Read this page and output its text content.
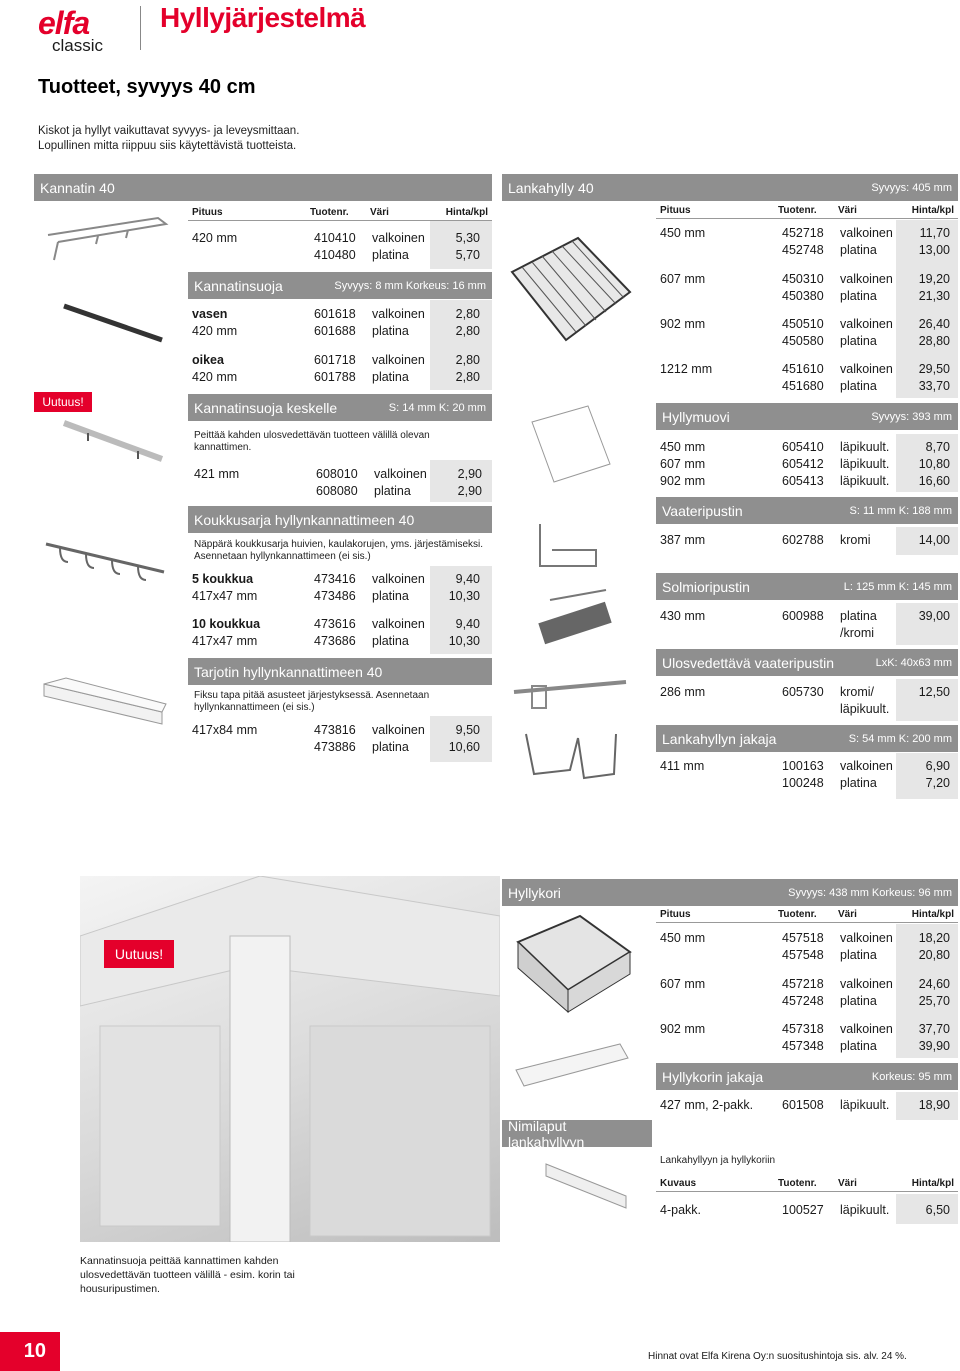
elfa
classic
Hyllyjärjestelmä
Tuotteet, syvyys 40 cm
Kiskot ja hyllyt vaikuttavat syvyys- ja leveysmittaan.
Lopullinen mitta riippuu siis käytettävistä tuotteista.
Kannatin 40	Lankahylly 40	Syvyys: 405 mm
Uutuus!
Pituus	Tuotenr.	Väri	Hinta/kpl
420 mm	410410 valkoinen	5,30
410480 platina	5,70
Kannatinsuoja	Syvyys: 8 mm Korkeus: 16 mm
vasen	601618 valkoinen	2,80
420 mm	601688 platina	2,80
oikea	601718 valkoinen	2,80
420 mm	601788 platina	2,80
Kannatinsuoja keskelle	S: 14 mm K: 20 mm
Peittää kahden ulosvedettävän tuotteen välillä olevan kannattimen.
421 mm	608010 valkoinen	2,90
608080 platina	2,90
Koukkusarja hyllynkannattimeen 40
Näppärä koukkusarja huivien, kaulakorujen, yms. järjestämiseksi. Asennetaan hyllynkannattimeen (ei sis.)
5 koukkua	473416 valkoinen	9,40
417x47 mm	473486 platina	10,30
10 koukkua	473616 valkoinen	9,40
417x47 mm	473686 platina	10,30
Tarjotin hyllynkannattimeen 40
Fiksu tapa pitää asusteet järjestyksessä. Asennetaan hyllynkannattimeen (ei sis.)
417x84 mm	473816 valkoinen	9,50
473886 platina	10,60
Pituus	Tuotenr.	Väri	Hinta/kpl
450 mm	452718 valkoinen	11,70
452748 platina	13,00
607 mm	450310 valkoinen	19,20
450380 platina	21,30
902 mm	450510 valkoinen	26,40
450580 platina	28,80
1212 mm	451610 valkoinen	29,50
451680 platina	33,70
Hyllymuovi	Syvyys: 393 mm
450 mm	605410 läpikuult.	8,70
607 mm	605412 läpikuult.	10,80
902 mm	605413 läpikuult.	16,60
Vaateripustin	S: 11 mm K: 188 mm
387 mm	602788 kromi	14,00
Solmioripustin	L: 125 mm K: 145 mm
430 mm	600988 platina	39,00
/kromi
Ulosvedettävä vaateripustin	LxK: 40x63 mm
286 mm	605730 kromi/	12,50
läpikuult.
Lankahyllyn jakaja	S: 54 mm K: 200 mm
411 mm	100163 valkoinen	6,90
100248 platina	7,20
Uutuus!
Hyllykori	Syvyys: 438 mm Korkeus: 96 mm
Pituus	Tuotenr.	Väri	Hinta/kpl
450 mm	457518 valkoinen	18,20
457548 platina	20,80
607 mm	457218 valkoinen	24,60
457248 platina	25,70
902 mm	457318 valkoinen	37,70
457348 platina	39,90
Hyllykorin jakaja	Korkeus: 95 mm
427 mm, 2-pakk. 601508 läpikuult.	18,90
Nimilaput lankahyllyyn
Lankahyllyyn ja hyllykoriin
Kuvaus	Tuotenr.	Väri	Hinta/kpl
4-pakk.	100527 läpikuult.	6,50
Kannatinsuoja peittää kannattimen kahden ulosvedettävän tuotteen välillä - esim. korin tai housuripustimen.
10	Hinnat ovat Elfa Kirena Oy:n suositushintoja sis. alv. 24 %.
